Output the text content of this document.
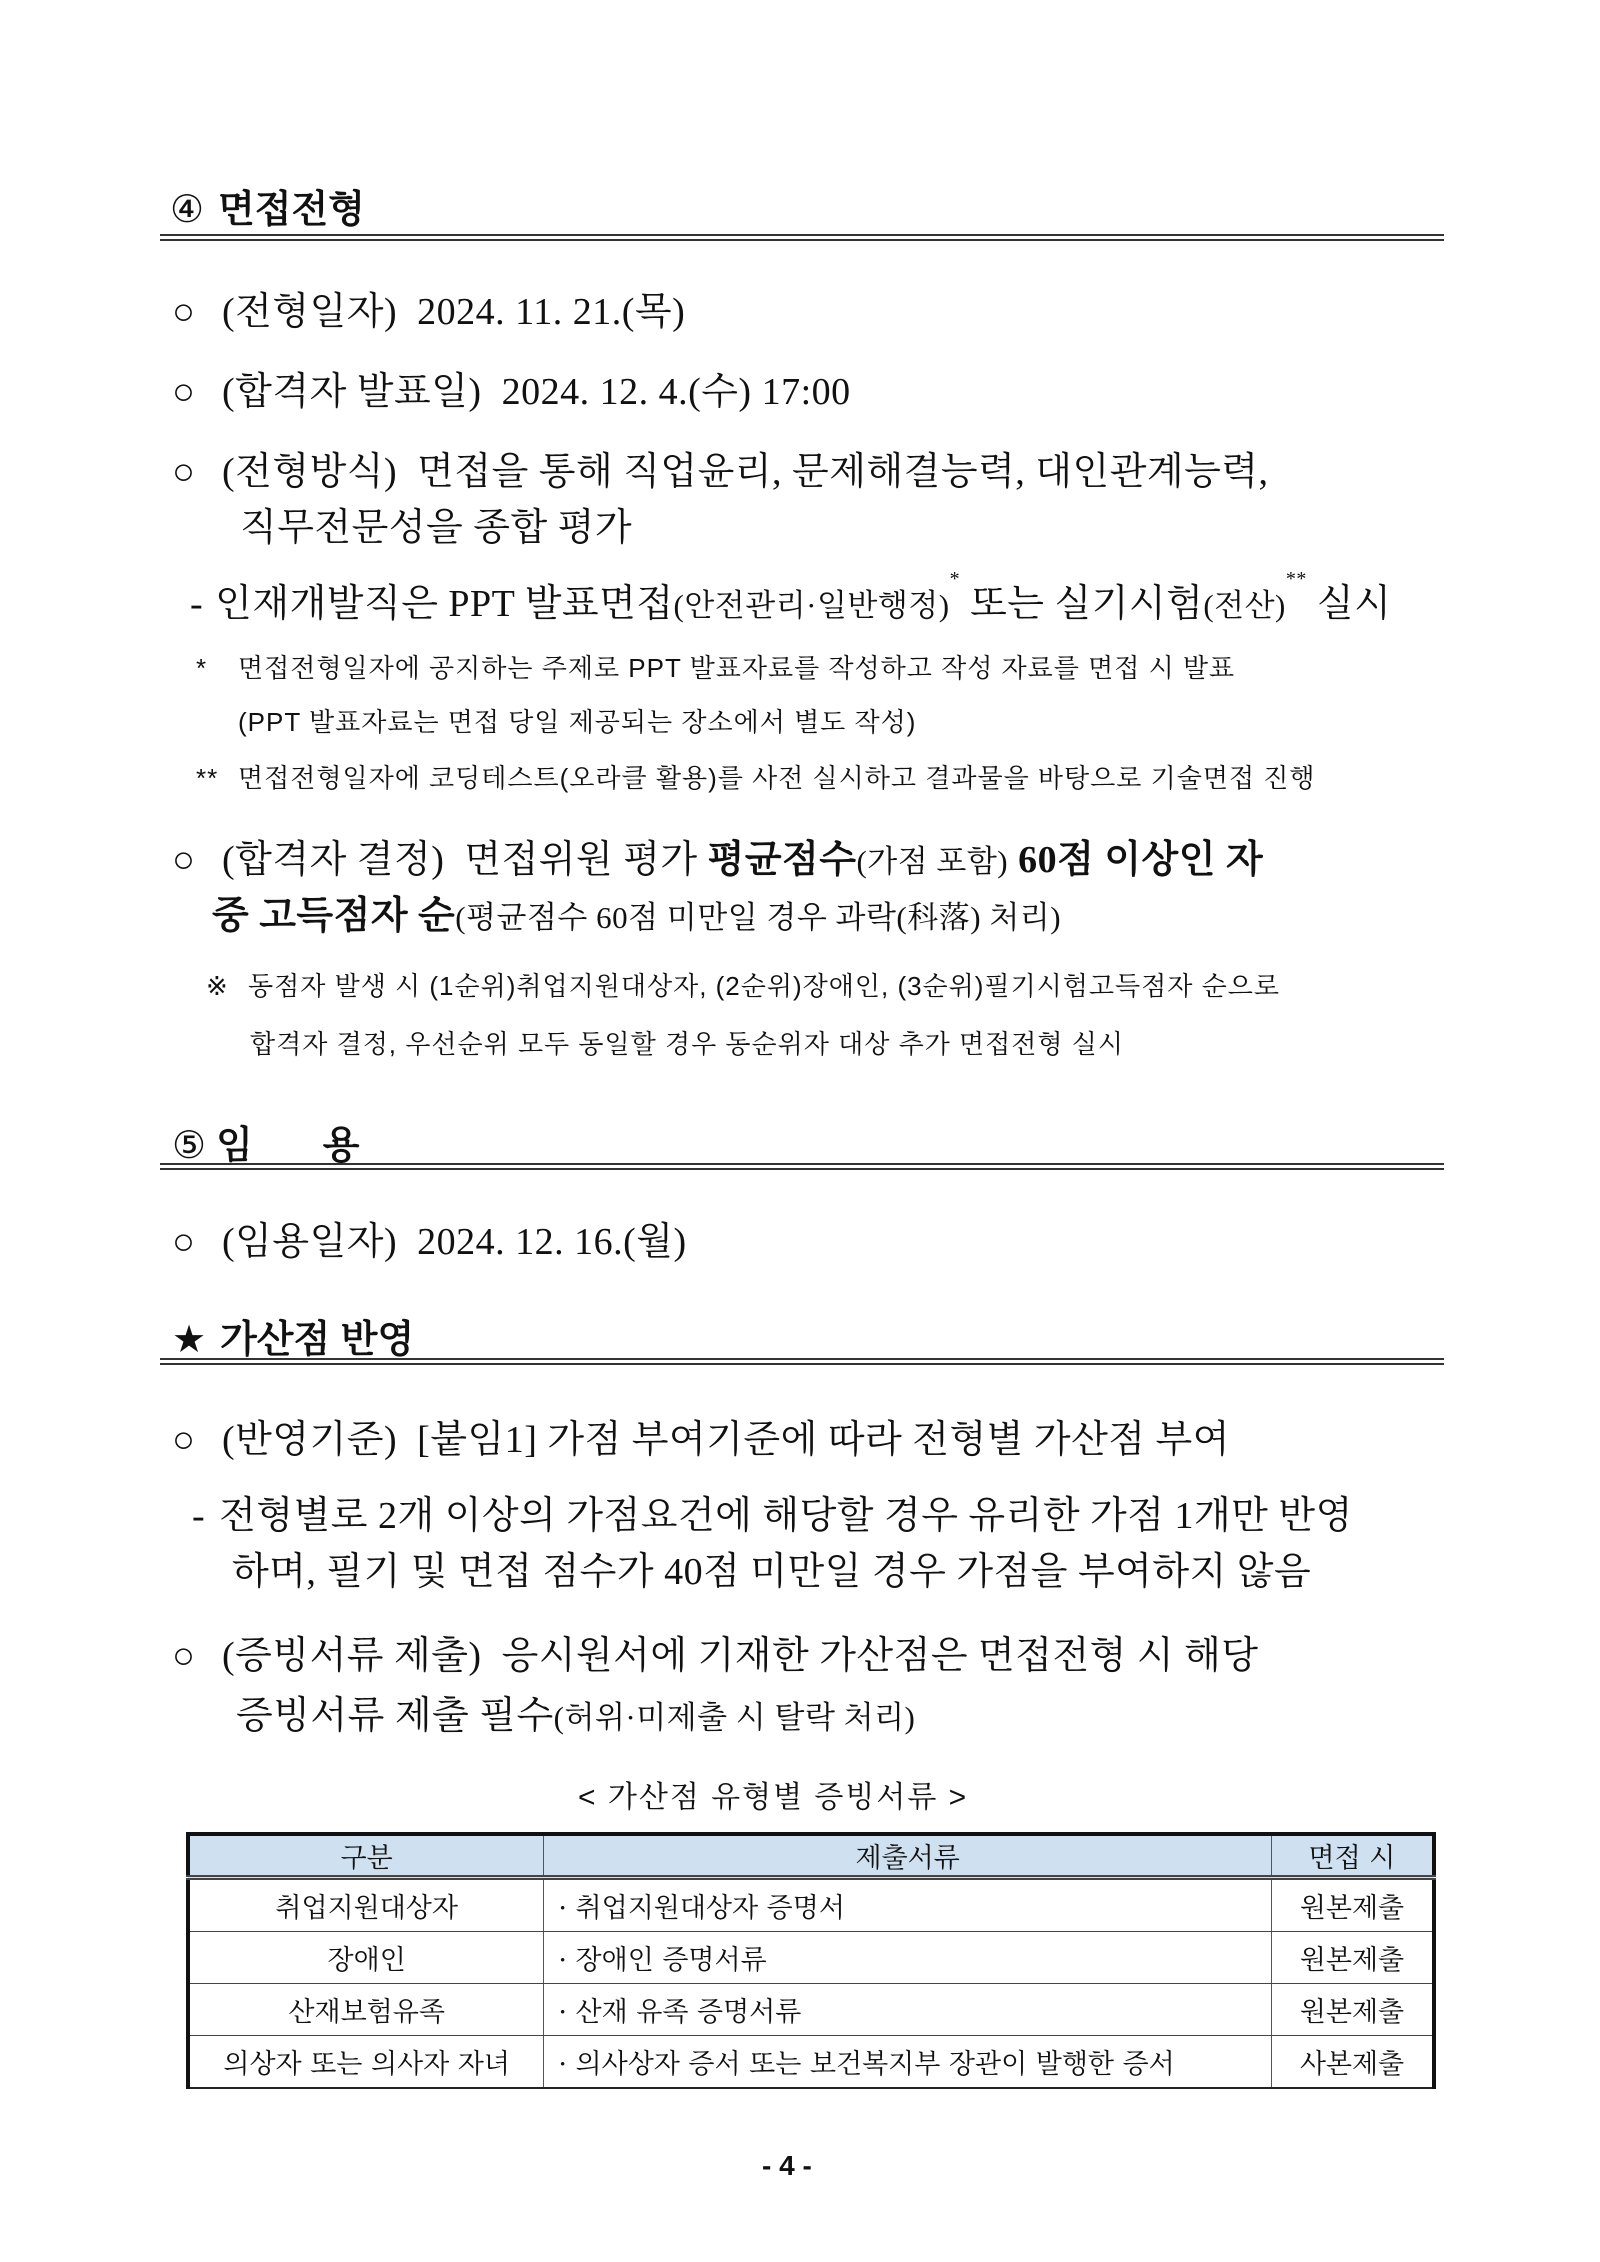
④ 면접전형
○ (전형일자) 2024. 11. 21.(목)
○ (합격자 발표일) 2024. 12. 4.(수) 17:00
○ (전형방식) 면접을 통해 직업윤리, 문제해결능력, 대인관계능력,
직무전문성을 종합 평가
- 인재개발직은 PPT 발표면접(안전관리·일반행정)* 또는 실기시험(전산)** 실시
* 면접전형일자에 공지하는 주제로 PPT 발표자료를 작성하고 작성 자료를 면접 시 발표
(PPT 발표자료는 면접 당일 제공되는 장소에서 별도 작성)
** 면접전형일자에 코딩테스트(오라클 활용)를 사전 실시하고 결과물을 바탕으로 기술면접 진행
○ (합격자 결정) 면접위원 평가 평균점수(가점 포함) 60점 이상인 자
중 고득점자 순(평균점수 60점 미만일 경우 과락(科落) 처리)
※ 동점자 발생 시 (1순위)취업지원대상자, (2순위)장애인, (3순위)필기시험고득점자 순으로
합격자 결정, 우선순위 모두 동일할 경우 동순위자 대상 추가 면접전형 실시
⑤ 임 용
○ (임용일자) 2024. 12. 16.(월)
★ 가산점 반영
○ (반영기준) [붙임1] 가점 부여기준에 따라 전형별 가산점 부여
- 전형별로 2개 이상의 가점요건에 해당할 경우 유리한 가점 1개만 반영
하며, 필기 및 면접 점수가 40점 미만일 경우 가점을 부여하지 않음
○ (증빙서류 제출) 응시원서에 기재한 가산점은 면접전형 시 해당
증빙서류 제출 필수(허위·미제출 시 탈락 처리)
< 가산점 유형별 증빙서류 >
구분	제출서류	면접 시
취업지원대상자	· 취업지원대상자 증명서	원본제출
장애인	· 장애인 증명서류	원본제출
산재보험유족	· 산재 유족 증명서류	원본제출
의상자 또는 의사자 자녀	· 의사상자 증서 또는 보건복지부 장관이 발행한 증서	사본제출
- 4 -
